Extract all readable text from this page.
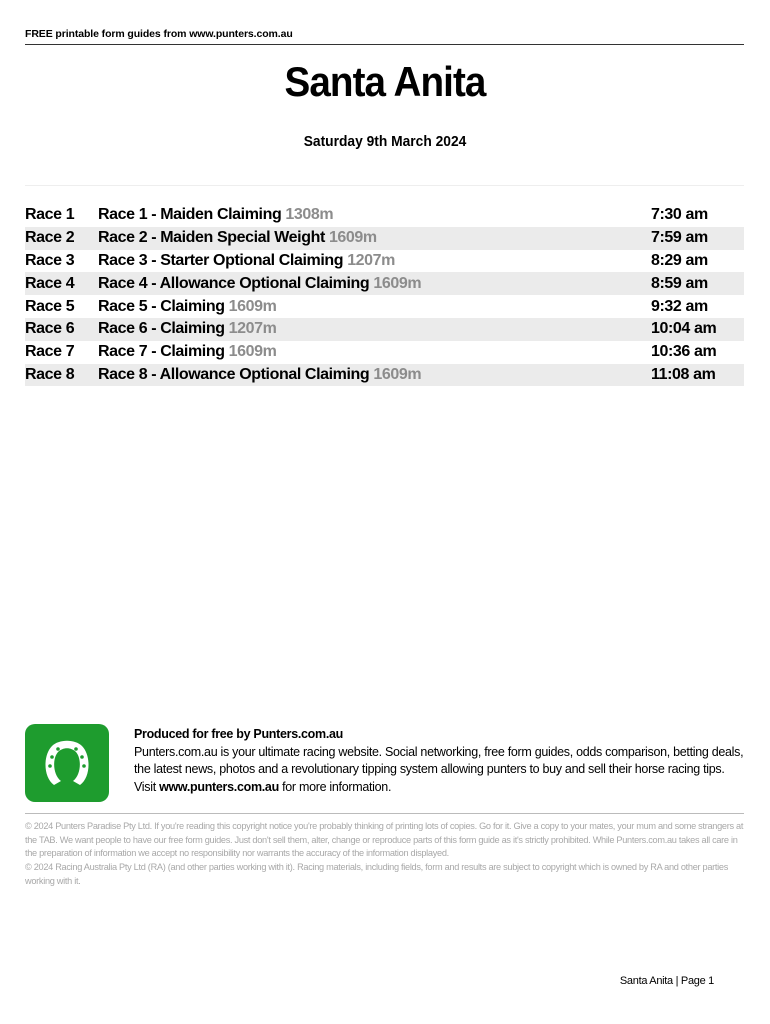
FREE printable form guides from www.punters.com.au
Santa Anita
Saturday 9th March 2024
Race 1	Race 1 - Maiden Claiming 1308m	7:30 am
Race 2	Race 2 - Maiden Special Weight 1609m	7:59 am
Race 3	Race 3 - Starter Optional Claiming 1207m	8:29 am
Race 4	Race 4 - Allowance Optional Claiming 1609m	8:59 am
Race 5	Race 5 - Claiming 1609m	9:32 am
Race 6	Race 6 - Claiming 1207m	10:04 am
Race 7	Race 7 - Claiming 1609m	10:36 am
Race 8	Race 8 - Allowance Optional Claiming 1609m	11:08 am
Produced for free by Punters.com.au
Punters.com.au is your ultimate racing website. Social networking, free form guides, odds comparison, betting deals, the latest news, photos and a revolutionary tipping system allowing punters to buy and sell their horse racing tips.
Visit www.punters.com.au for more information.
© 2024 Punters Paradise Pty Ltd. If you're reading this copyright notice you're probably thinking of printing lots of copies. Go for it. Give a copy to your mates, your mum and some strangers at the TAB. We want people to have our free form guides. Just don't sell them, alter, change or reproduce parts of this form guide as it's strictly prohibited. While Punters.com.au takes all care in the preparation of information we accept no responsibility nor warrants the accuracy of the information displayed.
© 2024 Racing Australia Pty Ltd (RA) (and other parties working with it). Racing materials, including fields, form and results are subject to copyright which is owned by RA and other parties working with it.
Santa Anita | Page 1
